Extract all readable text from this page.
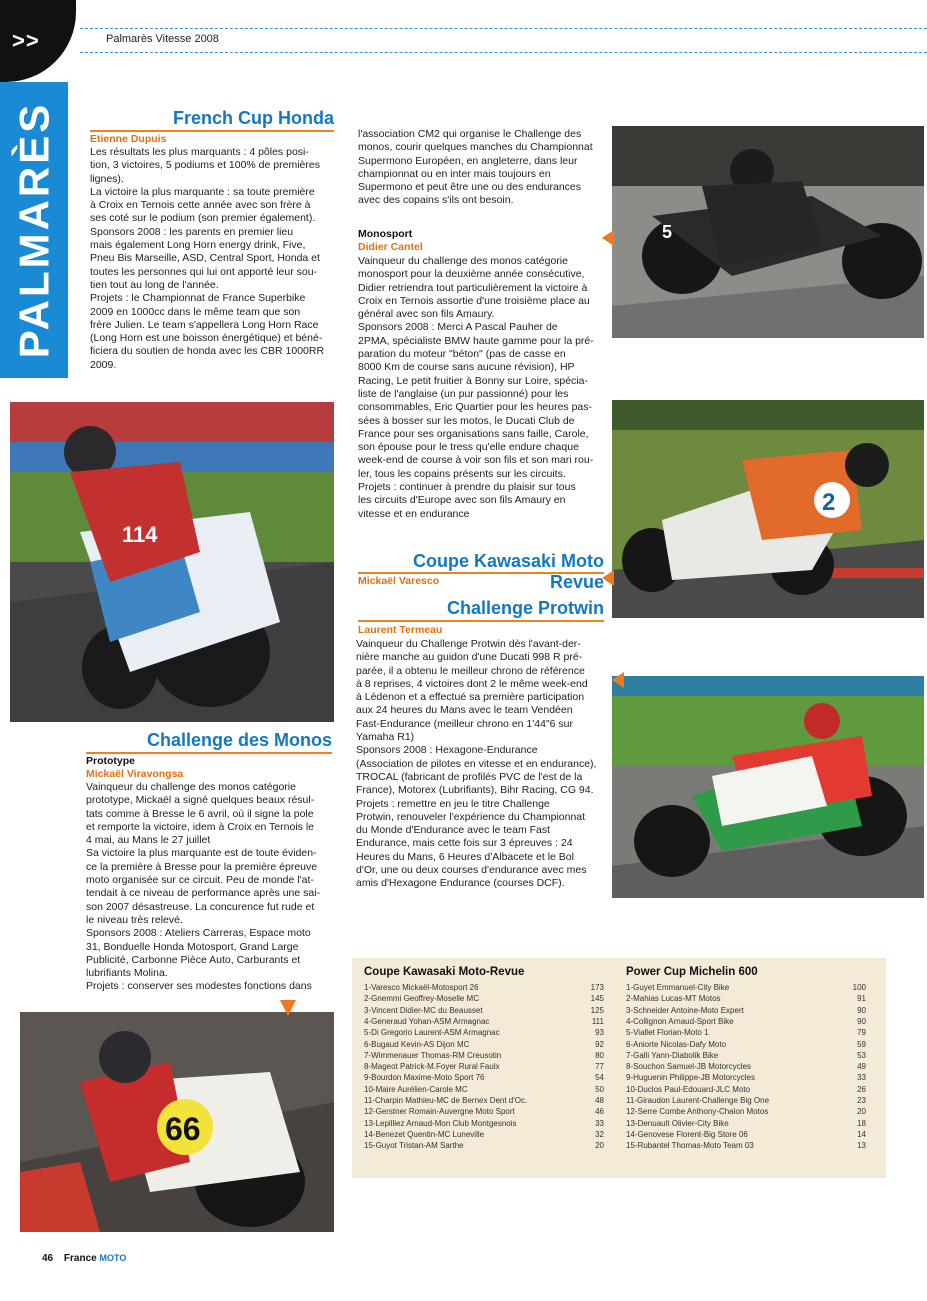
>>	Palmarès Vitesse 2008
PALMARÈS	French Cup Honda
Etienne Dupuis
Les résultats les plus marquants : 4 pôles posi-
tion, 3 victoires, 5 podiums et 100% de premières
lignes).
La victoire la plus marquante : sa toute première
à Croix en Ternois cette année avec son frère à
ses coté sur le podium (son premier également).
Sponsors 2008 : les parents en premier lieu
mais également Long Horn energy drink, Five,
Pneu Bis Marseille, ASD, Central Sport, Honda et
toutes les personnes qui lui ont apporté leur sou-
tien tout au long de l'année.
Projets : le Championnat de France Superbike
2009 en 1000cc dans le même team que son
frère Julien. Le team s'appellera Long Horn Race
(Long Horn est une boisson énergétique) et béné-
ficiera du soutien de honda avec les CBR 1000RR
2009.
114
Challenge des Monos
Prototype
Mickaël Viravongsa
Vainqueur du challenge des monos catégorie
prototype, Mickaël a signé quelques beaux résul-
tats comme à Bresse le 6 avril, où il signe la pole
et remporte la victoire, idem à Croix en Ternois le
4 mai, au Mans le 27 juillet
Sa victoire la plus marquante est de toute éviden-
ce la première à Bresse pour la première épreuve
moto organisée sur ce circuit. Peu de monde l'at-
tendait à ce niveau de performance après une sai-
son 2007 désastreuse. La concurence fut rude et
le niveau très relevé.
Sponsors 2008 : Ateliers Carreras, Espace moto
31, Bonduelle Honda Motosport, Grand Large
Publicité, Carbonne Pièce Auto, Carburants et
lubrifiants Molina.
Projets : conserver ses modestes fonctions dans
66
l'association CM2 qui organise le Challenge des
monos, courir quelques manches du Championnat
Supermono Européen, en angleterre, dans leur
championnat ou en inter mais toujours en
Supermono et peut être une ou des endurances
avec des copains s'ils ont besoin.
Monosport
Didier Cantel
Vainqueur du challenge des monos catégorie
monosport pour la deuxième année consécutive,
Didier retriendra tout particulièrement la victoire à
Croix en Ternois assortie d'une troisième place au
général avec son fils Amaury.
Sponsors 2008 : Merci A Pascal Pauher de
2PMA, spécialiste BMW haute gamme pour la pré-
paration du moteur "béton" (pas de casse en
8000 Km de course sans aucune révision), HP
Racing, Le petit fruitier à Bonny sur Loire, spécia-
liste de l'anglaise (un pur passionné) pour les
consommables, Eric Quartier pour les heures pas-
sées à bosser sur les motos, le Ducati Club de
France pour ses organisations sans faille, Carole,
son épouse pour le tress qu'elle endure chaque
week-end de course à voir son fils et son mari rou-
ler, tous les copains présents sur les circuits.
Projets : continuer à prendre du plaisir sur tous
les circuits d'Europe avec son fils Amaury en
vitesse et en endurance
Coupe Kawasaki Moto Revue
Mickaël Varesco
Challenge Protwin
Laurent Termeau
Vainqueur du Challenge Protwin dès l'avant-der-
nière manche au guidon d'une Ducati 998 R pré-
parée, il a obtenu le meilleur chrono de référence
à 8 reprises, 4 victoires dont 2 le même week-end
à Lédenon et a effectué sa première participation
aux 24 heures du Mans avec le team Vendéen
Fast-Endurance (meilleur chrono en 1'44"6 sur
Yamaha R1)
Sponsors 2008 : Hexagone-Endurance
(Association de pilotes en vitesse et en endurance),
TROCAL (fabricant de profilés PVC de l'est de la
France), Motorex (Lubrifiants), Bihr Racing, CG 94.
Projets : remettre en jeu le titre Challenge
Protwin, renouveler l'expérience du Championnat
du Monde d'Endurance avec le team Fast
Endurance, mais cette fois sur 3 épreuves : 24
Heures du Mans, 6 Heures d'Albacete et le Bol
d'Or, une ou deux courses d'endurance avec mes
amis d'Hexagone Endurance (courses DCF).
5
2
Coupe Kawasaki Moto-Revue
1-Varesco Mickaël-Motosport 26	173
2-Gnemmi Geoffrey-Moselle MC	145
3-Vincent Didier-MC du Beausset	125
4-Generaud Yohan-ASM Armagnac	111
5-Di Gregorio Laurent-ASM Armagnac	93
6-Bugaud Kevin-AS Dijon MC	92
7-Wimmenauer Thomas-RM Creusotin	80
8-Mageot Patrick-M.Foyer Rural Faulx	77
9-Bourdon Maxime-Moto Sport 76	54
10-Maire Aurélien-Carole MC	50
11-Charpin Mathieu-MC de Bernex Dent d'Oc.	48
12-Gerstner Romain-Auvergne Moto Sport	46
13-Lepilliez Arnaud-Mon Club Montgesnois	33
14-Benezet Quentin-MC Luneville	32
15-Guyot Tristan-AM Sarthe	20
Power Cup Michelin 600
1-Guyet Emmanuel-City Bike	100
2-Mahias Lucas-MT Motos	91
3-Schneider Antoine-Moto Expert	90
4-Collignon Arnaud-Sport Bike	90
5-Viallet Florian-Moto 1	79
6-Aniorte Nicolas-Dafy Moto	59
7-Galli Yann-Diabolik Bike	53
8-Souchon Samuel-JB Motorcycles	49
9-Huguenin Philippe-JB Motorcycles	33
10-Duclos Paul-Edouard-JLC Moto	26
11-Giraudon Laurent-Challenge Big One	23
12-Serre Combe Anthony-Chalon Motos	20
13-Denuault Olivier-City Bike	18
14-Genovese Florent-Big Store 06	14
15-Rubantel Thomas-Moto Team 03	13
46 France MOTO
